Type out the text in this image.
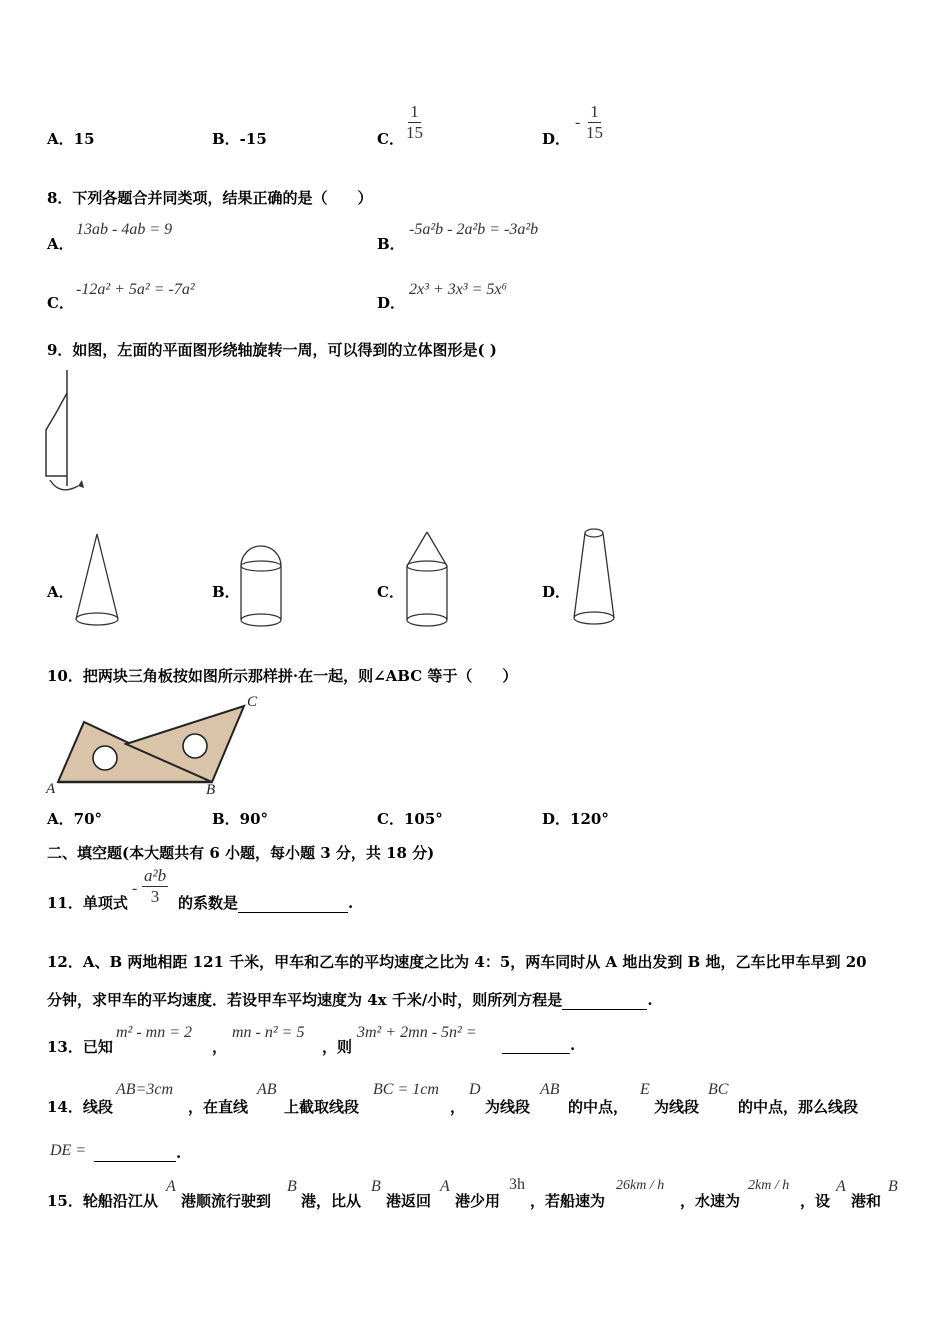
A．15	B．-15	C． $\frac{1}{15}$	D．
- $\frac{1}{15}$
8．下列各题合并同类项，结果正确的是（　　）
A．
13ab - 4ab = 9
B．
-5a²b - 2a²b = -3a²b
C．
-12a² + 5a² = -7a²
D．
2x³ + 3x³ = 5x⁶
9．如图，左面的平面图形绕轴旋转一周，可以得到的立体图形是( )
A．	B．	C．	D．
10．把两块三角板按如图所示那样拼·在一起，则∠ABC 等于（　　）
A	B
C
A．70°	B．90°	C．105°	D．120°
二、填空题(本大题共有 6 小题，每小题 3 分，共 18 分)
11．单项式
- $\frac{\text{a²b}}{3}$ 的系数是	.
12．A、B 两地相距 121 千米，甲车和乙车的平均速度之比为 4：5，两车同时从 A 地出发到 B 地，乙车比甲车早到 20
分钟，求甲车的平均速度．若设甲车平均速度为 4x 千米/小时，则所列方程是	.
13．已知
m² - mn = 2
，
mn - n² = 5
，则
3m² + 2mn - 5n² =
.
14．线段
AB=3cm
，在直线
AB
上截取线段
BC = 1cm
，
D
为线段
AB
的中点，
E
为线段
BC
的中点，那么线段
DE =	.
15．轮船沿江从
A
港顺流行驶到
B
港，比从
B
港返回
A
港少用
3h
，若船速为
26km / h
，水速为
2km / h
，设
A
港和
B
